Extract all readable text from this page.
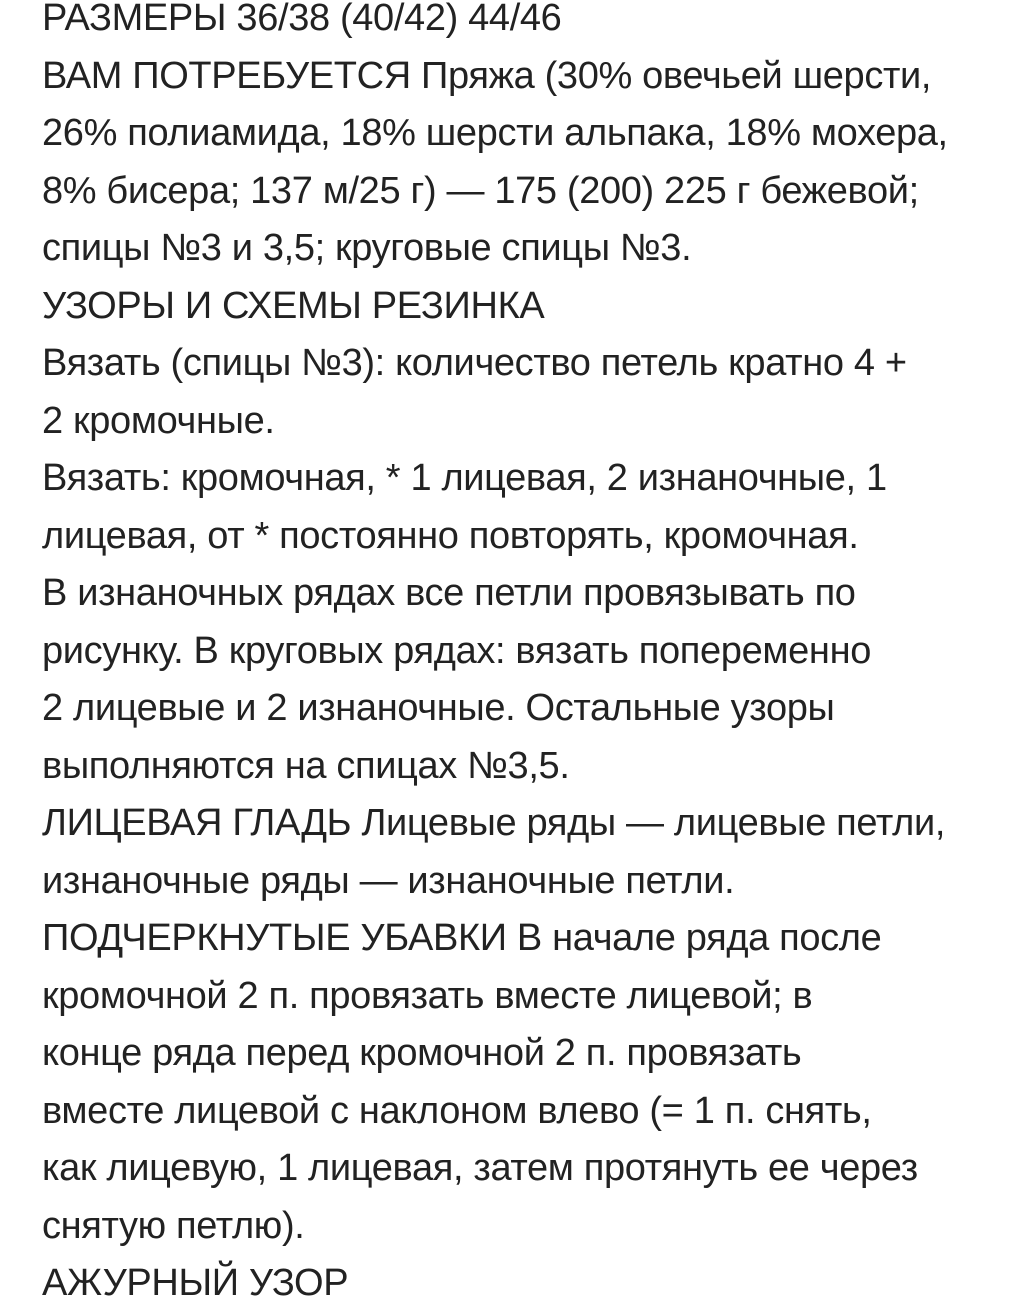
РАЗМЕРЫ 36/38 (40/42) 44/46
ВАМ ПОТРЕБУЕТСЯ Пряжа (30% овечьей шерсти,
26% полиамида, 18% шерсти альпака, 18% мохера,
8% бисера; 137 м/25 г) — 175 (200) 225 г бежевой;
спицы №3 и 3,5; круговые спицы №3.
УЗОРЫ И СХЕМЫ РЕЗИНКА
Вязать (спицы №3): количество петель кратно 4 +
2 кромочные.
Вязать: кромочная, * 1 лицевая, 2 изнаночные, 1
лицевая, от * постоянно повторять, кромочная.
В изнаночных рядах все петли провязывать по
рисунку. В круговых рядах: вязать попеременно
2 лицевые и 2 изнаночные. Остальные узоры
выполняются на спицах №3,5.
ЛИЦЕВАЯ ГЛАДЬ Лицевые ряды — лицевые петли,
изнаночные ряды — изнаночные петли.
ПОДЧЕРКНУТЫЕ УБАВКИ В начале ряда после
кромочной 2 п. провязать вместе лицевой; в
конце ряда перед кромочной 2 п. провязать
вместе лицевой с наклоном влево (= 1 п. снять,
как лицевую, 1 лицевая, затем протянуть ее через
снятую петлю).
АЖУРНЫЙ УЗОР
